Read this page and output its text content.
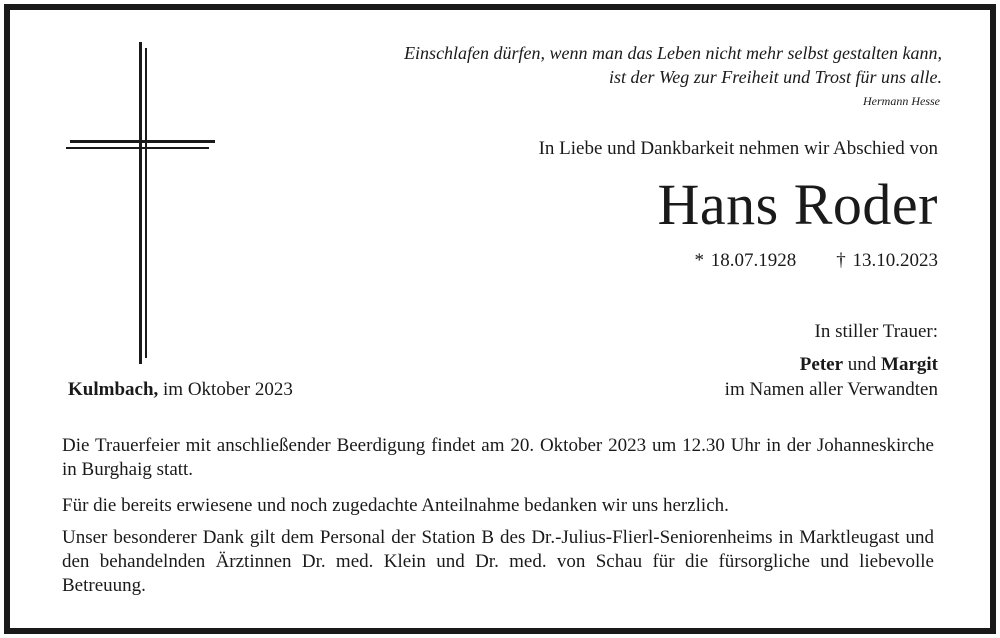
Einschlafen dürfen, wenn man das Leben nicht mehr selbst gestalten kann,

ist der Weg zur Freiheit und Trost für uns alle.

Hermann Hesse

In Liebe und Dankbarkeit nehmen wir Abschied von

Hans Roder

* 18.07.1928 † 13.10.2023

In stiller Trauer:

Peter und Margit

im Namen aller Verwandten

Kulmbach, im Oktober 2023

Die Trauerfeier mit anschließender Beerdigung findet am 20. Oktober 2023 um 12.30 Uhr in der Johanneskirche in Burghaig statt.

Für die bereits erwiesene und noch zugedachte Anteilnahme bedanken wir uns herzlich.

Unser besonderer Dank gilt dem Personal der Station B des Dr.-Julius-Flierl-Seniorenheims in Marktleugast und den behandelnden Ärztinnen Dr. med. Klein und Dr. med. von Schau für die fürsorgliche und liebevolle Betreuung.
